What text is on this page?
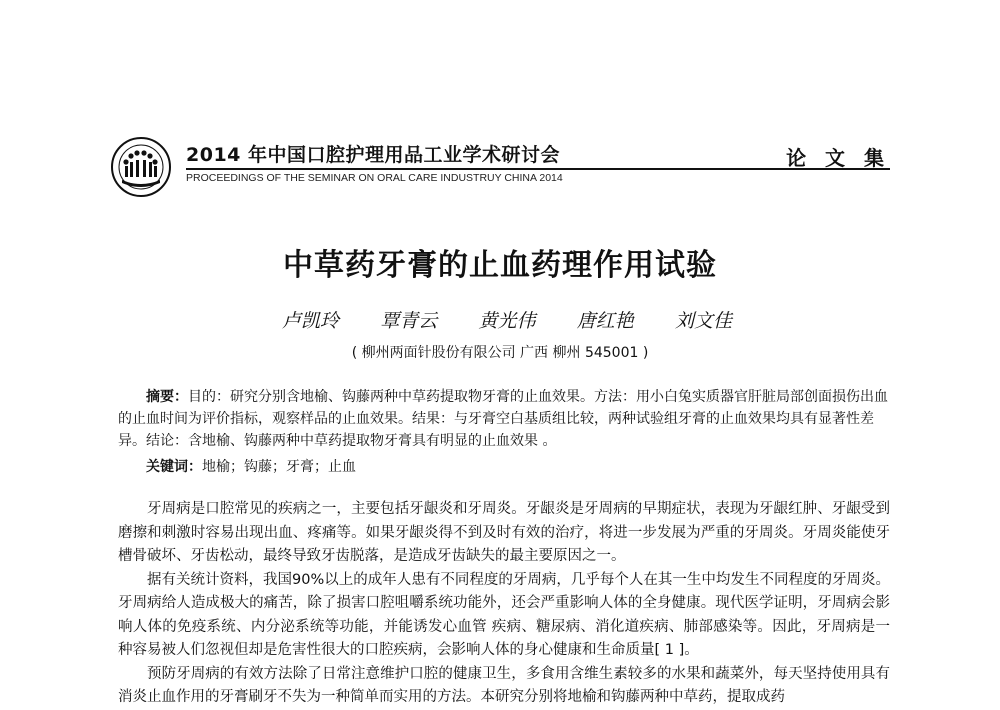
2014 年中国口腔护理用品工业学术研讨会
PROCEEDINGS OF THE SEMINAR ON ORAL CARE INDUSTRUY CHINA 2014
论 文 集
中草药牙膏的止血药理作用试验
卢凯玲 覃青云 黄光伟 唐红艳 刘文佳
( 柳州两面针股份有限公司 广西 柳州 545001 )

摘要：目的：研究分别含地榆、钩藤两种中草药提取物牙膏的止血效果。方法：用小白兔实质器官肝脏局部创面损伤出血的止血时间为评价指标，观察样品的止血效果。结果：与牙膏空白基质组比较，两种试验组牙膏的止血效果均具有显著性差异。结论：含地榆、钩藤两种中草药提取物牙膏具有明显的止血效果 。

关键词：地榆；钩藤；牙膏；止血

牙周病是口腔常见的疾病之一，主要包括牙龈炎和牙周炎。牙龈炎是牙周病的早期症状，表现为牙龈红肿、牙龈受到磨擦和刺激时容易出现出血、疼痛等。如果牙龈炎得不到及时有效的治疗，将进一步发展为严重的牙周炎。牙周炎能使牙槽骨破坏、牙齿松动，最终导致牙齿脱落，是造成牙齿缺失的最主要原因之一。

据有关统计资料，我国90%以上的成年人患有不同程度的牙周病，几乎每个人在其一生中均发生不同程度的牙周炎。牙周病给人造成极大的痛苦，除了损害口腔咀嚼系统功能外，还会严重影响人体的全身健康。现代医学证明，牙周病会影响人体的免疫系统、内分泌系统等功能，并能诱发心血管 疾病、糖尿病、消化道疾病、肺部感染等。因此，牙周病是一种容易被人们忽视但却是危害性很大的口腔疾病，会影响人体的身心健康和生命质量[ 1 ]。

预防牙周病的有效方法除了日常注意维护口腔的健康卫生，多食用含维生素较多的水果和蔬菜外，每天坚持使用具有消炎止血作用的牙膏刷牙不失为一种简单而实用的方法。本研究分别将地榆和钩藤两种中草药，提取成药
